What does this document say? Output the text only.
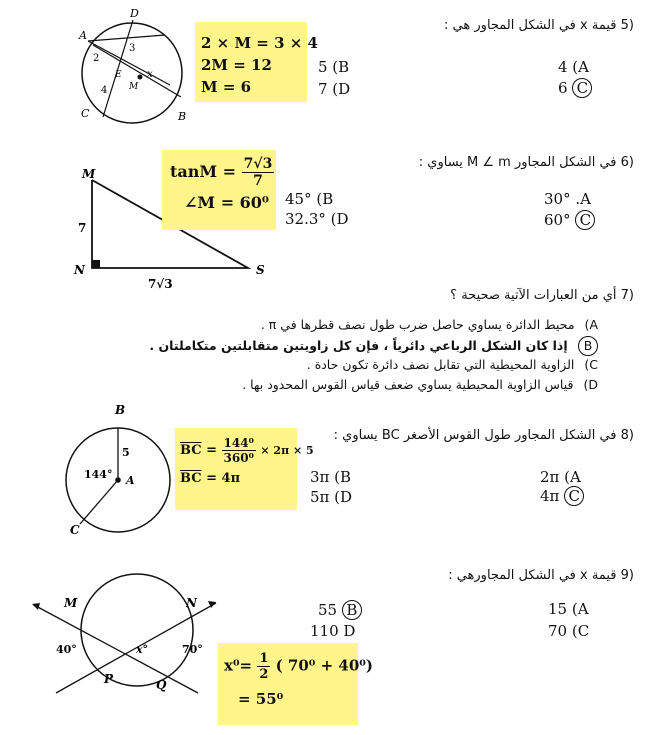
(5 قيمة x في الشكل المجاور هي :
A
D
C	B
E
M
x
2
3
4
2 × M = 3 × 4
2M = 12
M = 6
5 (B
7 (D
4 (A
6 C
(6 في الشكل المجاور M ∠ m يساوي :
M
N	S
7
7√3
$\tan M = \frac{7√3}{7}$
∠M = 60⁰	45° (B
32.3° (D
30° .A
60° C
(7 أي من العبارات الآتية صحيحة ؟
A) محيط الدائرة يساوي حاصل ضرب طول نصف قطرها في π .
B إذا كان الشكل الرباعي دائرياً ، فإن كل زاويتين متقابلتين متكاملتان .
C) الزاوية المحيطية التي تقابل نصف دائرة تكون حادة .
D) قياس الزاوية المحيطية يساوي ضعف قياس القوس المحدود بها .
(8 في الشكل المجاور طول القوس الأصغر BC يساوي :
B
A
C
5
144°
$\overline{BC} = \frac{\text{144⁰}}{\text{360⁰}} \times 2\pi \times 5$
$\overline{BC} = 4\pi$	3π (B
5π (D
2π (A
4π C
(9 قيمة x في الشكل المجاورهي :
M	N
P	Q
x°
40°	70°
$x^0= \frac{1}{2}$ ( 70⁰ + 40⁰)
= 55⁰
55 B
110 D
15 (A
70 (C
